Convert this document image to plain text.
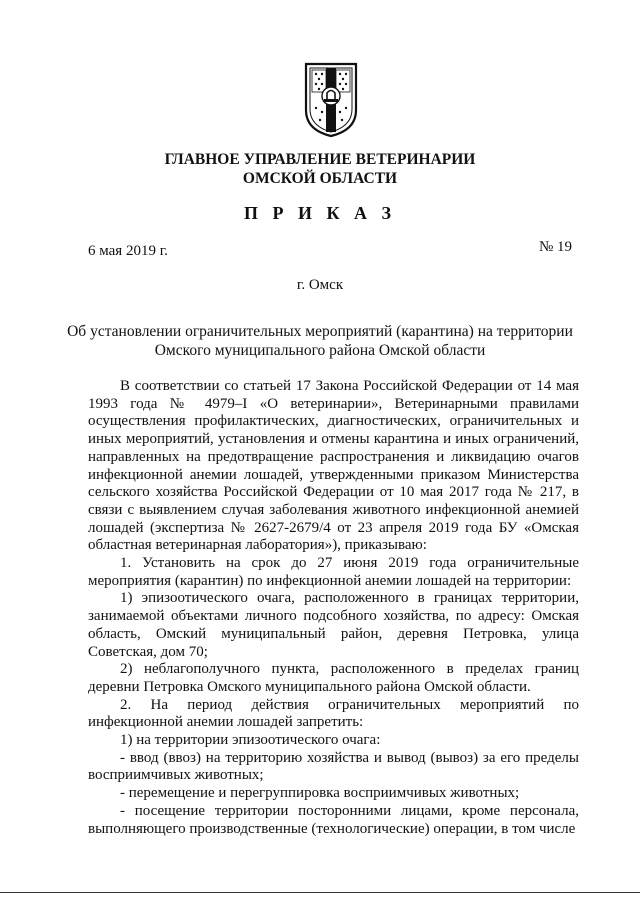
ГЛАВНОЕ УПРАВЛЕНИЕ ВЕТЕРИНАРИИ
ОМСКОЙ ОБЛАСТИ
П Р И К А З
6 мая 2019 г.	№ 19
г. Омск
Об установлении ограничительных мероприятий (карантина) на территории Омского муниципального района Омской области

В соответствии со статьей 17 Закона Российской Федерации от 14 мая 1993 года № 4979–I «О ветеринарии», Ветеринарными правилами осуществления профилактических, диагностических, ограничительных и иных мероприятий, установления и отмены карантина и иных ограничений, направленных на предотвращение распространения и ликвидацию очагов инфекционной анемии лошадей, утвержденными приказом Министерства сельского хозяйства Российской Федерации от 10 мая 2017 года № 217, в связи с выявлением случая заболевания животного инфекционной анемией лошадей (экспертиза № 2627-2679/4 от 23 апреля 2019 года БУ «Омская областная ветеринарная лаборатория»), приказываю:

1. Установить на срок до 27 июня 2019 года ограничительные мероприятия (карантин) по инфекционной анемии лошадей на территории:

1) эпизоотического очага, расположенного в границах территории, занимаемой объектами личного подсобного хозяйства, по адресу: Омская область, Омский муниципальный район, деревня Петровка, улица Советская, дом 70;

2) неблагополучного пункта, расположенного в пределах границ деревни Петровка Омского муниципального района Омской области.

2. На период действия ограничительных мероприятий по инфекционной анемии лошадей запретить:

1) на территории эпизоотического очага:

- ввод (ввоз) на территорию хозяйства и вывод (вывоз) за его пределы восприимчивых животных;

- перемещение и перегруппировка восприимчивых животных;

- посещение территории посторонними лицами, кроме персонала, выполняющего производственные (технологические) операции, в том числе
